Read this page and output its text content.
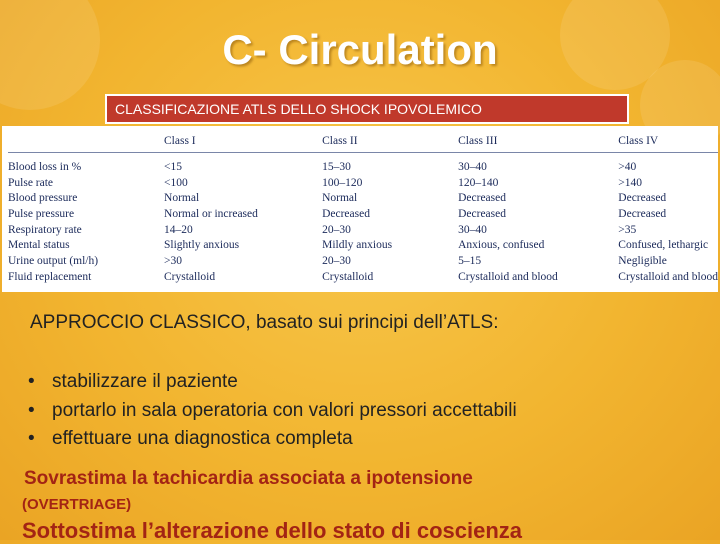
C- Circulation
CLASSIFICAZIONE ATLS DELLO SHOCK IPOVOLEMICO
	Class I	Class II	Class III	Class IV
Blood loss in %	<15	15–30	30–40	>40
Pulse rate	<100	100–120	120–140	>140
Blood pressure	Normal	Normal	Decreased	Decreased
Pulse pressure	Normal or increased	Decreased	Decreased	Decreased
Respiratory rate	14–20	20–30	30–40	>35
Mental status	Slightly anxious	Mildly anxious	Anxious, confused	Confused, lethargic
Urine output (ml/h)	>30	20–30	5–15	Negligible
Fluid replacement	Crystalloid	Crystalloid	Crystalloid and blood	Crystalloid and blood
APPROCCIO CLASSICO, basato sui principi dell’ATLS:
• stabilizzare il paziente
• portarlo in sala operatoria con valori pressori accettabili
• effettuare una diagnostica completa
Sovrastima la tachicardia associata a ipotensione
(OVERTRIAGE)
Sottostima l’alterazione dello stato di coscienza
